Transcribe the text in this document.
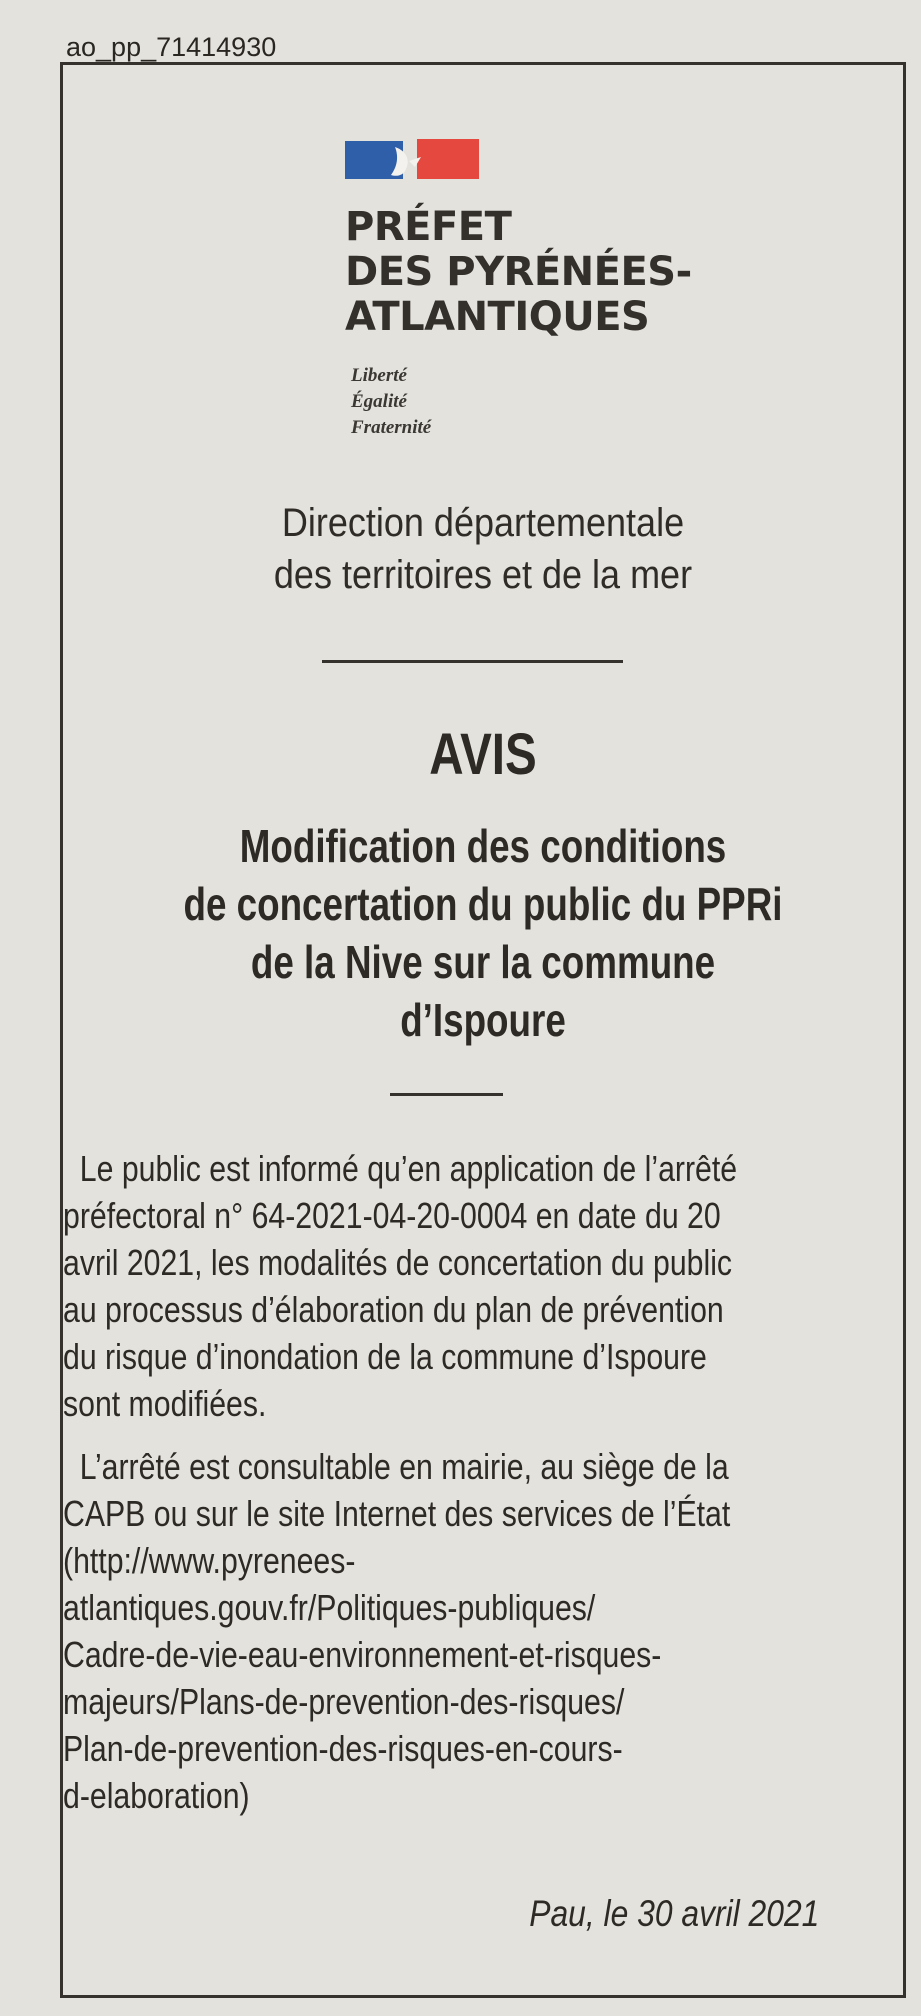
ao_pp_71414930
PRÉFET
DES PYRÉNÉES-
ATLANTIQUES
Liberté
Égalité
Fraternité
Direction départementale
des territoires et de la mer
AVIS
Modification des conditions
de concertation du public du PPRi
de la Nive sur la commune
d’Ispoure
Le public est informé qu’en application de l’arrêté
préfectoral n° 64-2021-04-20-0004 en date du 20
avril 2021, les modalités de concertation du public
au processus d’élaboration du plan de prévention
du risque d’inondation de la commune d’Ispoure
sont modifiées.
L’arrêté est consultable en mairie, au siège de la
CAPB ou sur le site Internet des services de l’État
(http://www.pyrenees-
atlantiques.gouv.fr/Politiques-publiques/
Cadre-de-vie-eau-environnement-et-risques-
majeurs/Plans-de-prevention-des-risques/
Plan-de-prevention-des-risques-en-cours-
d-elaboration)
Pau, le 30 avril 2021
